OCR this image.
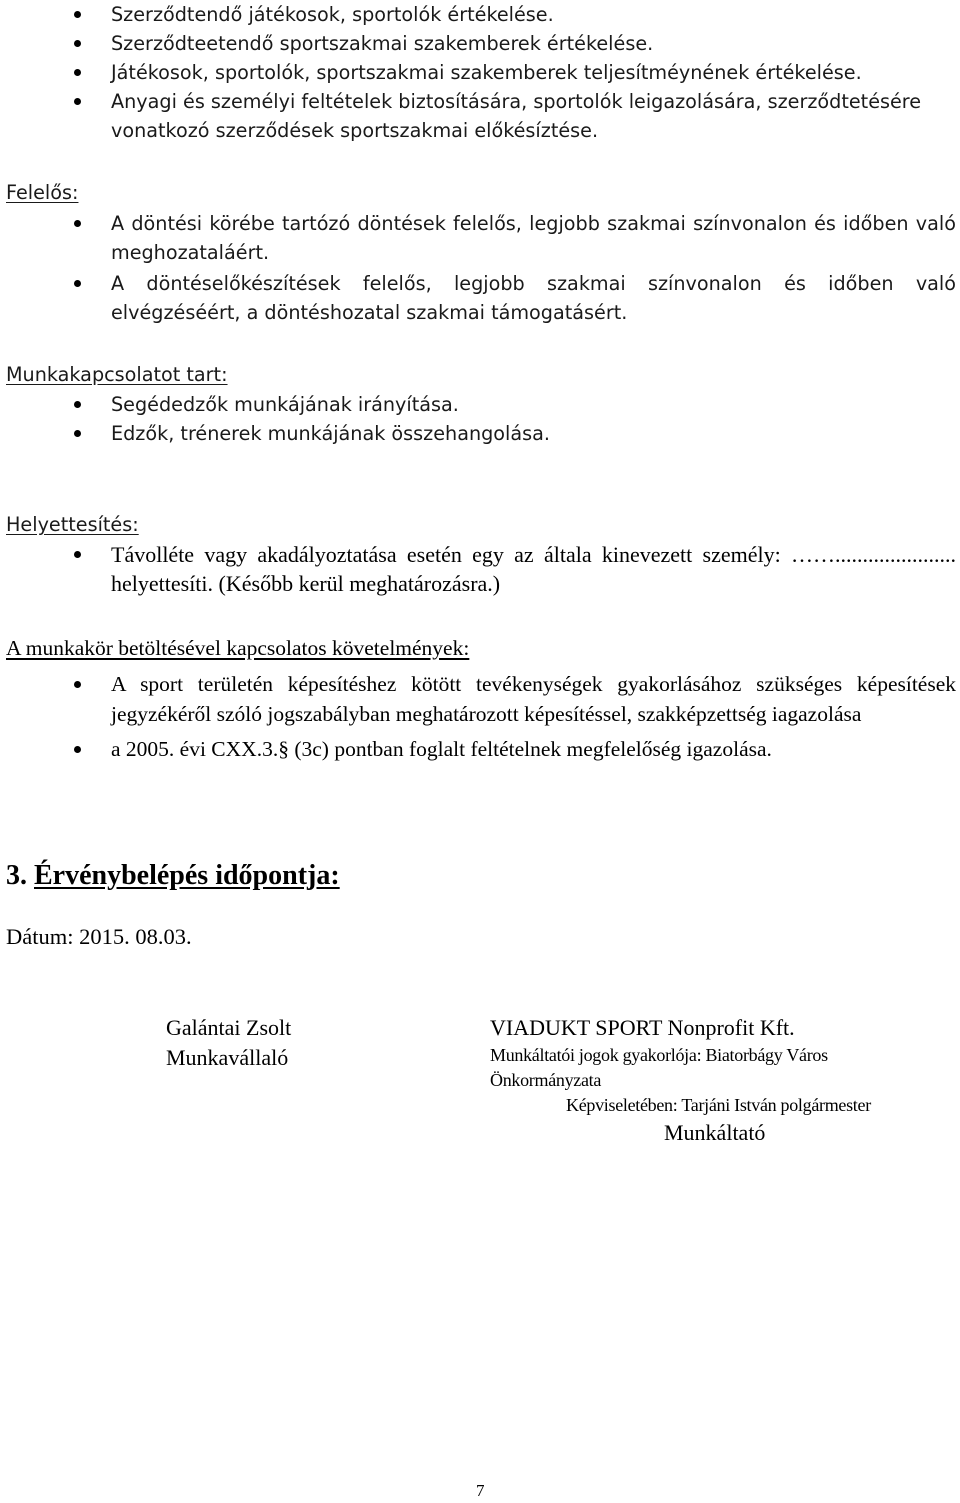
Szerződtendő játékosok, sportolók értékelése.
Szerződteetendő sportszakmai szakemberek értékelése.
Játékosok, sportolók, sportszakmai szakemberek teljesítméynének értékelése.
Anyagi és személyi feltételek biztosítására, sportolók leigazolására, szerződtetésére vonatkozó szerződések sportszakmai előkésíztése.
Felelős:
A döntési körébe tartózó döntések felelős, legjobb szakmai színvonalon és időben való meghozataláért.
A döntéselőkészítések felelős, legjobb szakmai színvonalon és időben való elvégzéséért, a döntéshozatal szakmai támogatásért.
Munkakapcsolatot tart:
Segédedzők munkájának irányítása.
Edzők, trénerek munkájának összehangolása.
Helyettesítés:
Távolléte vagy akadályoztatása esetén egy az általa kinevezett személy: ……...................... helyettesíti. (Később kerül meghatározásra.)
A munkakör betöltésével kapcsolatos követelmények:
A sport területén képesítéshez kötött tevékenységek gyakorlásához szükséges képesítések jegyzékéről szóló jogszabályban meghatározott képesítéssel, szakképzettség iagazolása
a 2005. évi CXX.3.§ (3c) pontban foglalt feltételnek megfelelőség igazolása.
3. Érvénybelépés időpontja:
Dátum: 2015. 08.03.
Galántai Zsolt
Munkavállaló
VIADUKT SPORT Nonprofit Kft.
Munkáltatói jogok gyakorlója: Biatorbágy Város
Önkormányzata
Képviseletében: Tarjáni István polgármester
Munkáltató
7
